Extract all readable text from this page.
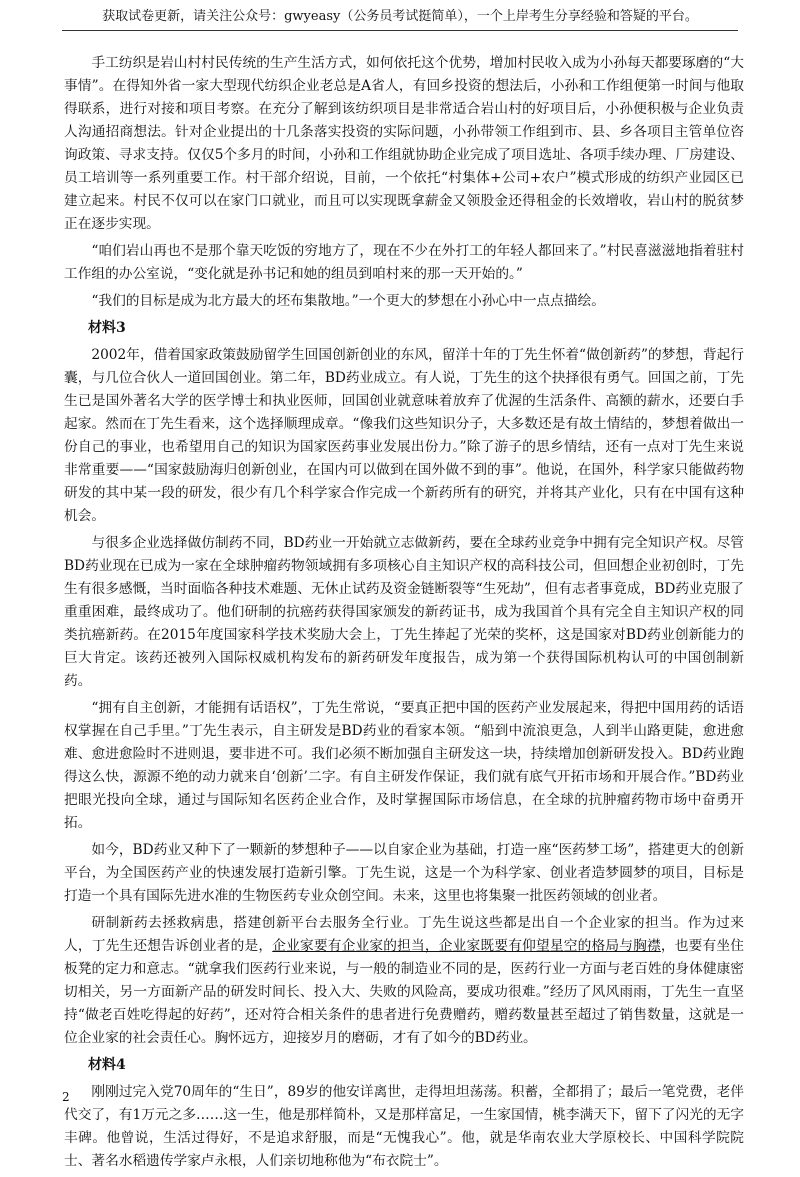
获取试卷更新，请关注公众号：gwyeasy（公务员考试挺简单），一个上岸考生分享经验和答疑的平台。

手工纺织是岩山村村民传统的生产生活方式，如何依托这个优势，增加村民收入成为小孙每天都要琢磨的“大事情”。在得知外省一家大型现代纺织企业老总是A省人，有回乡投资的想法后，小孙和工作组便第一时间与他取得联系，进行对接和项目考察。在充分了解到该纺织项目是非常适合岩山村的好项目后，小孙便积极与企业负责人沟通招商想法。针对企业提出的十几条落实投资的实际问题，小孙带领工作组到市、县、乡各项目主管单位咨询政策、寻求支持。仅仅5个多月的时间，小孙和工作组就协助企业完成了项目选址、各项手续办理、厂房建设、员工培训等一系列重要工作。村干部介绍说，目前，一个依托“村集体+公司+农户”模式形成的纺织产业园区已建立起来。村民不仅可以在家门口就业，而且可以实现既拿薪金又领股金还得租金的长效增收，岩山村的脱贫梦正在逐步实现。

“咱们岩山再也不是那个靠天吃饭的穷地方了，现在不少在外打工的年轻人都回来了。”村民喜滋滋地指着驻村工作组的办公室说，“变化就是孙书记和她的组员到咱村来的那一天开始的。”

“我们的目标是成为北方最大的坯布集散地。”一个更大的梦想在小孙心中一点点描绘。

材料3

2002年，借着国家政策鼓励留学生回国创新创业的东风，留洋十年的丁先生怀着“做创新药”的梦想，背起行囊，与几位合伙人一道回国创业。第二年，BD药业成立。有人说，丁先生的这个抉择很有勇气。回国之前，丁先生已是国外著名大学的医学博士和执业医师，回国创业就意味着放弃了优渥的生活条件、高额的薪水，还要白手起家。然而在丁先生看来，这个选择顺理成章。“像我们这些知识分子，大多数还是有故土情结的，梦想着做出一份自己的事业，也希望用自己的知识为国家医药事业发展出份力。”除了游子的思乡情结，还有一点对丁先生来说非常重要——“国家鼓励海归创新创业，在国内可以做到在国外做不到的事”。他说，在国外，科学家只能做药物研发的其中某一段的研发，很少有几个科学家合作完成一个新药所有的研究，并将其产业化，只有在中国有这种机会。

与很多企业选择做仿制药不同，BD药业一开始就立志做新药，要在全球药业竞争中拥有完全知识产权。尽管BD药业现在已成为一家在全球肿瘤药物领域拥有多项核心自主知识产权的高科技公司，但回想企业初创时，丁先生有很多感慨，当时面临各种技术难题、无休止试药及资金链断裂等“生死劫”，但有志者事竟成，BD药业克服了重重困难，最终成功了。他们研制的抗癌药获得国家颁发的新药证书，成为我国首个具有完全自主知识产权的同类抗癌新药。在2015年度国家科学技术奖励大会上，丁先生捧起了光荣的奖杯，这是国家对BD药业创新能力的巨大肯定。该药还被列入国际权威机构发布的新药研发年度报告，成为第一个获得国际机构认可的中国创制新药。

“拥有自主创新，才能拥有话语权”，丁先生常说，“要真正把中国的医药产业发展起来，得把中国用药的话语权掌握在自己手里。”丁先生表示，自主研发是BD药业的看家本领。“船到中流浪更急，人到半山路更陡，愈进愈难、愈进愈险时不进则退，要非进不可。我们必须不断加强自主研发这一块，持续增加创新研发投入。BD药业跑得这么快，源源不绝的动力就来自‘创新’二字。有自主研发作保证，我们就有底气开拓市场和开展合作。”BD药业把眼光投向全球，通过与国际知名医药企业合作，及时掌握国际市场信息，在全球的抗肿瘤药物市场中奋勇开拓。

如今，BD药业又种下了一颗新的梦想种子——以自家企业为基础，打造一座“医药梦工场”，搭建更大的创新平台，为全国医药产业的快速发展打造新引擎。丁先生说，这是一个为科学家、创业者造梦圆梦的项目，目标是打造一个具有国际先进水准的生物医药专业众创空间。未来，这里也将集聚一批医药领域的创业者。

研制新药去拯救病患，搭建创新平台去服务全行业。丁先生说这些都是出自一个企业家的担当。作为过来人，丁先生还想告诉创业者的是，企业家要有企业家的担当，企业家既要有仰望星空的格局与胸襟，也要有坐住板凳的定力和意志。“就拿我们医药行业来说，与一般的制造业不同的是，医药行业一方面与老百姓的身体健康密切相关，另一方面新产品的研发时间长、投入大、失败的风险高，要成功很难。”经历了风风雨雨，丁先生一直坚持“做老百姓吃得起的好药”，还对符合相关条件的患者进行免费赠药，赠药数量甚至超过了销售数量，这就是一位企业家的社会责任心。胸怀远方，迎接岁月的磨砺，才有了如今的BD药业。

材料4

刚刚过完入党70周年的“生日”，89岁的他安详离世，走得坦坦荡荡。积蓄，全都捐了；最后一笔党费，老伴代交了，有1万元之多……这一生，他是那样简朴，又是那样富足，一生家国情，桃李满天下，留下了闪光的无字丰碑。他曾说，生活过得好，不是追求舒服，而是“无愧我心”。他，就是华南农业大学原校长、中国科学院院士、著名水稻遗传学家卢永根，人们亲切地称他为“布衣院士”。

2
